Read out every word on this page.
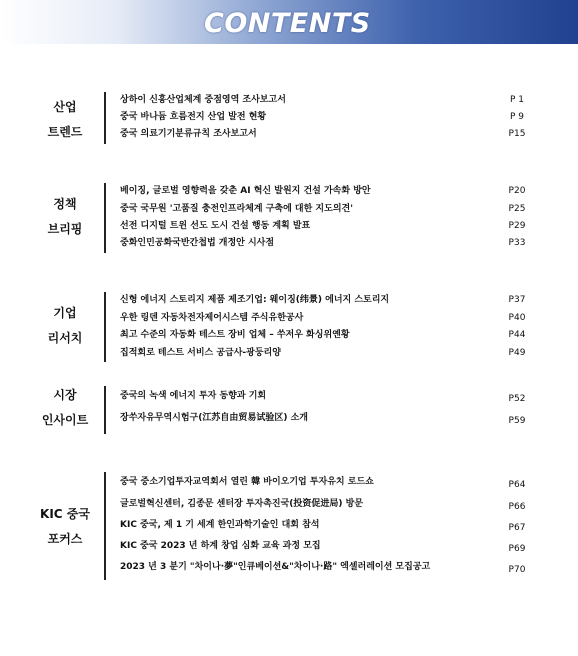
CONTENTS
산업
트렌드
상하이 신흥산업체계 중점영역 조사보고서	P 1
중국 바나듐 흐름전지 산업 발전 현황	P 9
중국 의료기기분류규칙 조사보고서	P15
정책
브리핑
베이징, 글로벌 영향력을 갖춘 AI 혁신 발원지 건설 가속화 방안	P20
중국 국무원 '고품질 충전인프라체계 구축에 대한 지도의견'	P25
선전 디지털 트윈 선도 도시 건설 행동 계획 발표	P29
중화인민공화국반간첩법 개정안 시사점	P33
기업
리서치
신형 에너지 스토리지 제품 제조기업: 웨이징(纬景) 에너지 스토리지	P37
우한 링덴 자동차전자제어시스템 주식유한공사	P40
최고 수준의 자동화 테스트 장비 업체 – 쑤저우 화싱위옌황	P44
집적회로 테스트 서비스 공급사-광둥리양	P49
시장
인사이트
중국의 녹색 에너지 투자 동향과 기회	P52
장쑤자유무역시험구(江苏自由贸易试验区) 소개	P59
KIC 중국
포커스
중국 중소기업투자교역회서 열린 韓 바이오기업 투자유치 로드쇼	P64
글로벌혁신센터, 김종문 센터장 투자촉진국(投资促进局) 방문	P66
KIC 중국, 제 1 기 세계 한인과학기술인 대회 참석	P67
KIC 중국 2023 년 하계 창업 심화 교육 과정 모집	P69
2023 년 3 분기 "차이나·夢"인큐베이션&"차이나·路" 엑셀러레이션 모집공고	P70
